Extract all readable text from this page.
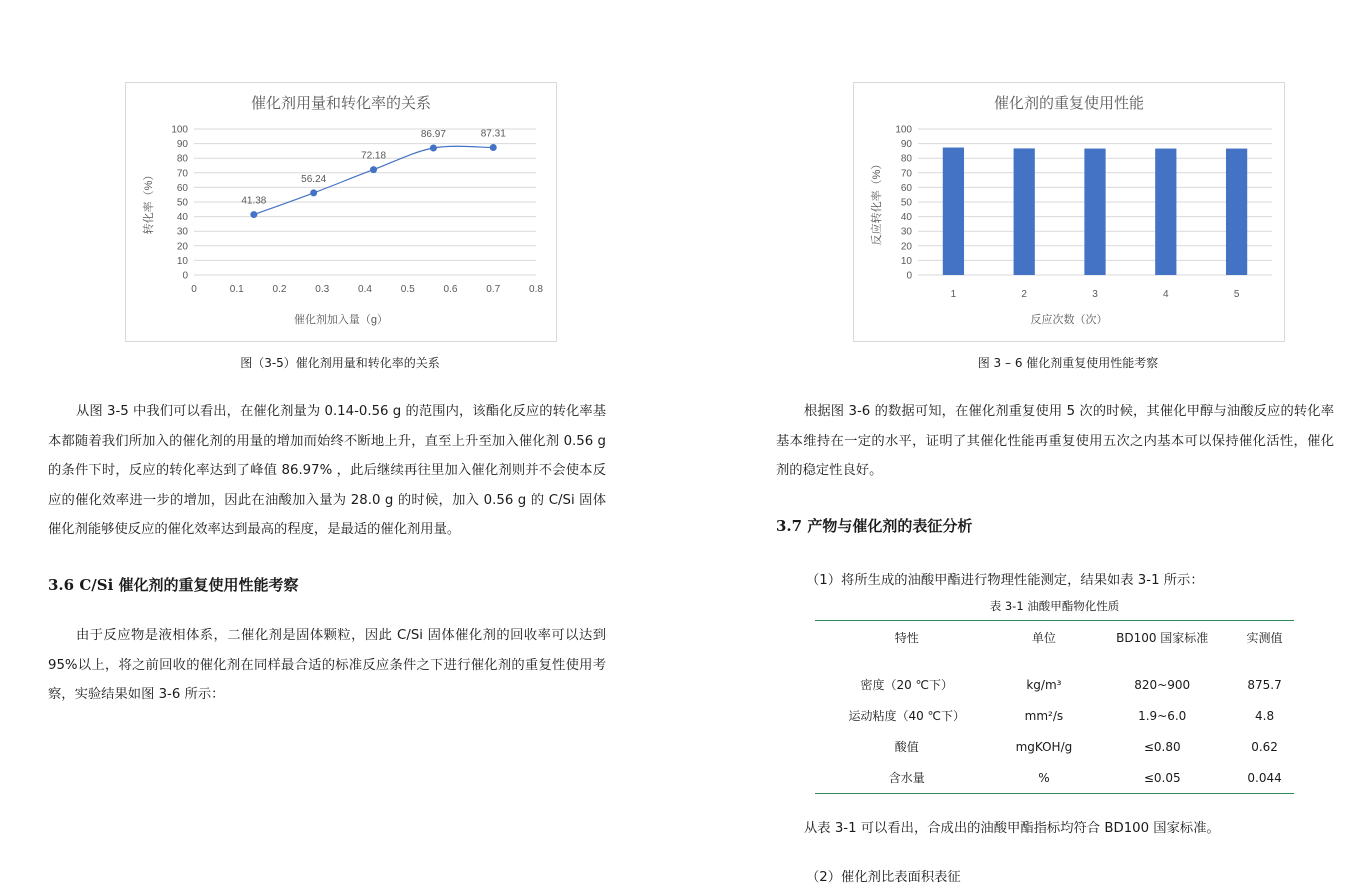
催化剂用量和转化率的关系
0
10
20
30
40
50
60
70
80
90
100
催化剂加入量（g）
转化率（%）
0	0.1	0.2	0.3	0.4	0.5	0.6	0.7	0.8
41.38
56.24
72.18
86.97	87.31
图（3-5）催化剂用量和转化率的关系
催化剂的重复使用性能
0
10
20
30
40
50
60
70
80
90
100
反应次数（次）
反应转化率（%）
1	2	3	4	5
图 3 – 6 催化剂重复使用性能考察

从图 3-5 中我们可以看出，在催化剂量为 0.14-0.56 g 的范围内，该酯化反应的转化率基本都随着我们所加入的催化剂的用量的增加而始终不断地上升，直至上升至加入催化剂 0.56 g 的条件下时，反应的转化率达到了峰值 86.97% ，此后继续再往里加入催化剂则并不会使本反应的催化效率进一步的增加，因此在油酸加入量为 28.0 g 的时候，加入 0.56 g 的 C/Si 固体催化剂能够使反应的催化效率达到最高的程度，是最适的催化剂用量。

3.6 C/Si 催化剂的重复使用性能考察

由于反应物是液相体系，二催化剂是固体颗粒，因此 C/Si 固体催化剂的回收率可以达到 95%以上，将之前回收的催化剂在同样最合适的标准反应条件之下进行催化剂的重复性使用考察，实验结果如图 3-6 所示：

根据图 3-6 的数据可知，在催化剂重复使用 5 次的时候，其催化甲醇与油酸反应的转化率基本维持在一定的水平，证明了其催化性能再重复使用五次之内基本可以保持催化活性，催化剂的稳定性良好。

3.7 产物与催化剂的表征分析
（1）将所生成的油酸甲酯进行物理性能测定，结果如表 3-1 所示：
表 3-1 油酸甲酯物化性质
特性	单位	BD100 国家标准	实测值

密度（20 ℃下）	kg/m³	820~900	875.7
运动粘度（40 ℃下）	mm²/s	1.9~6.0	4.8
酸值	mgKOH/g	≤0.80	0.62
含水量	%	≤0.05	0.044
从表 3-1 可以看出，合成出的油酸甲酯指标均符合 BD100 国家标准。
（2）催化剂比表面积表征
